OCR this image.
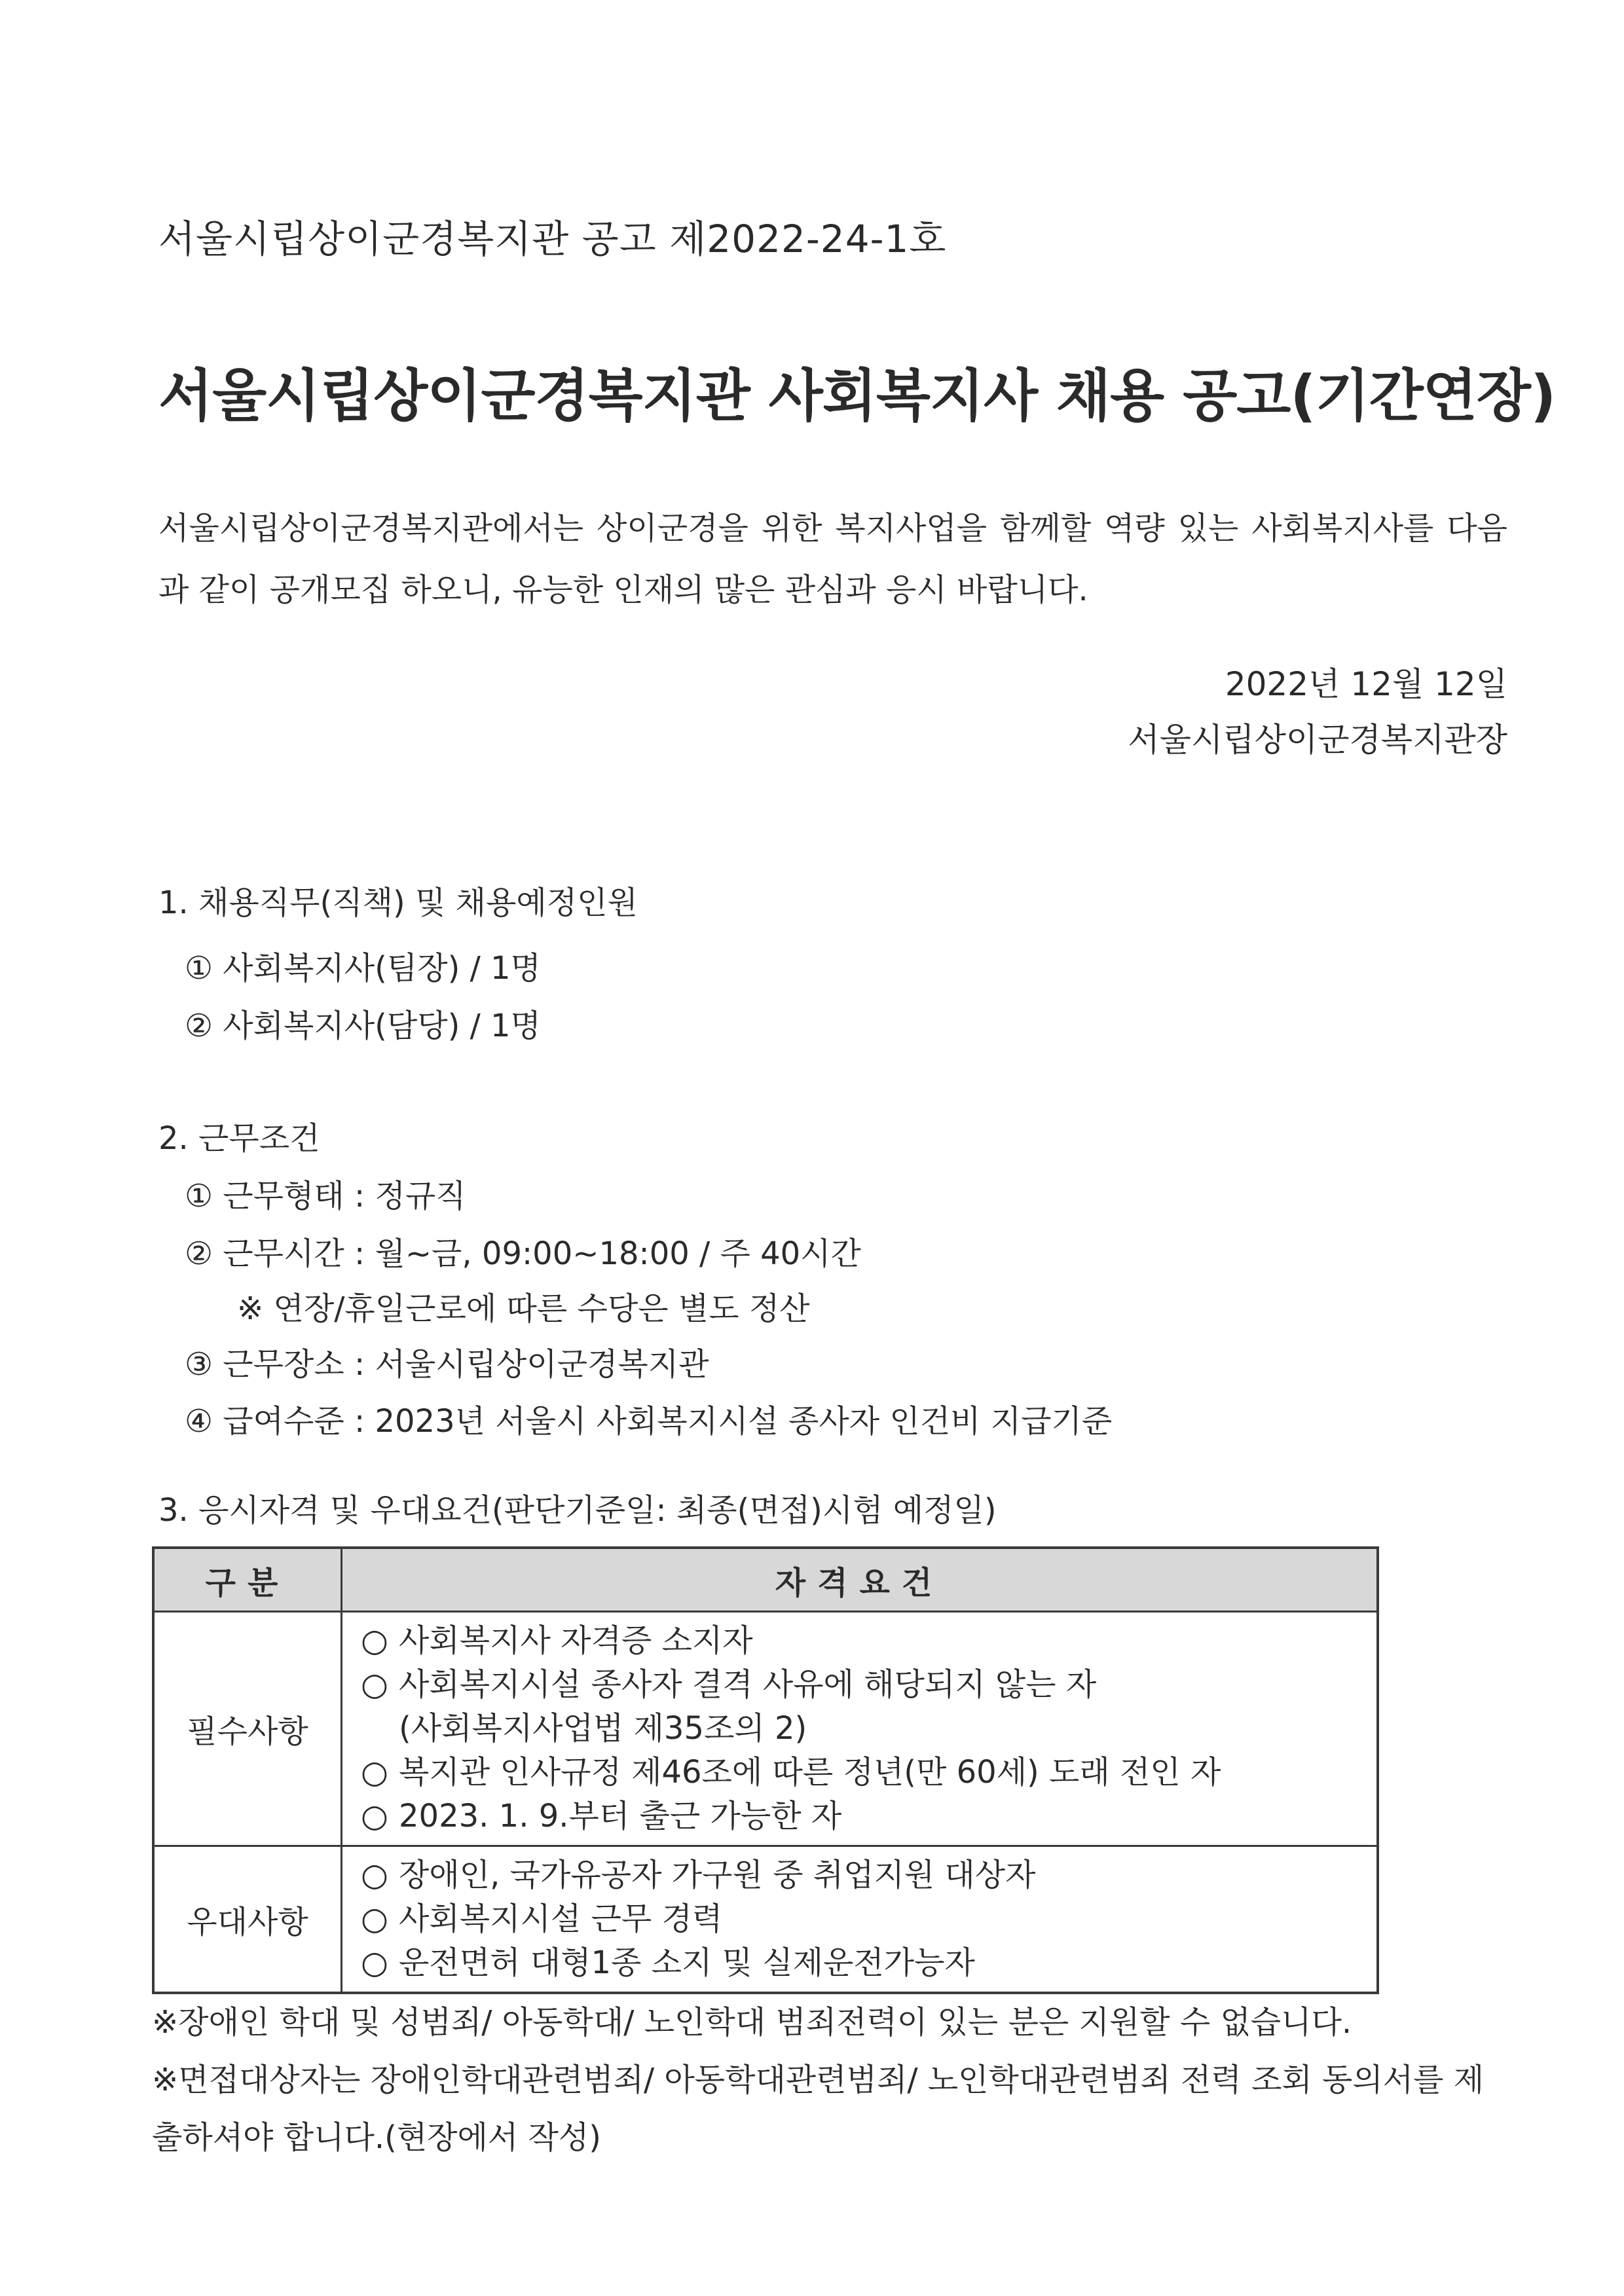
서울시립상이군경복지관 공고 제2022-24-1호
서울시립상이군경복지관 사회복지사 채용 공고(기간연장)
서울시립상이군경복지관에서는 상이군경을 위한 복지사업을 함께할 역량 있는 사회복지사를 다음과 같이 공개모집 하오니, 유능한 인재의 많은 관심과 응시 바랍니다.
2022년 12월 12일
서울시립상이군경복지관장
1. 채용직무(직책) 및 채용예정인원
① 사회복지사(팀장) / 1명
② 사회복지사(담당) / 1명
2. 근무조건
① 근무형태 : 정규직
② 근무시간 : 월~금, 09:00~18:00 / 주 40시간
※ 연장/휴일근로에 따른 수당은 별도 정산
③ 근무장소 : 서울시립상이군경복지관
④ 급여수준 : 2023년 서울시 사회복지시설 종사자 인건비 지급기준
3. 응시자격 및 우대요건(판단기준일: 최종(면접)시험 예정일)
구분	자격요건
필수사항	○ 사회복지사 자격증 소지자
○ 사회복지시설 종사자 결격 사유에 해당되지 않는 자
(사회복지사업법 제35조의 2)
○ 복지관 인사규정 제46조에 따른 정년(만 60세) 도래 전인 자
○ 2023. 1. 9.부터 출근 가능한 자

우대사항	○ 장애인, 국가유공자 가구원 중 취업지원 대상자
○ 사회복지시설 근무 경력
○ 운전면허 대형1종 소지 및 실제운전가능자
※장애인 학대 및 성범죄/ 아동학대/ 노인학대 범죄전력이 있는 분은 지원할 수 없습니다.
※면접대상자는 장애인학대관련범죄/ 아동학대관련범죄/ 노인학대관련범죄 전력 조회 동의서를 제출하셔야 합니다.(현장에서 작성)
